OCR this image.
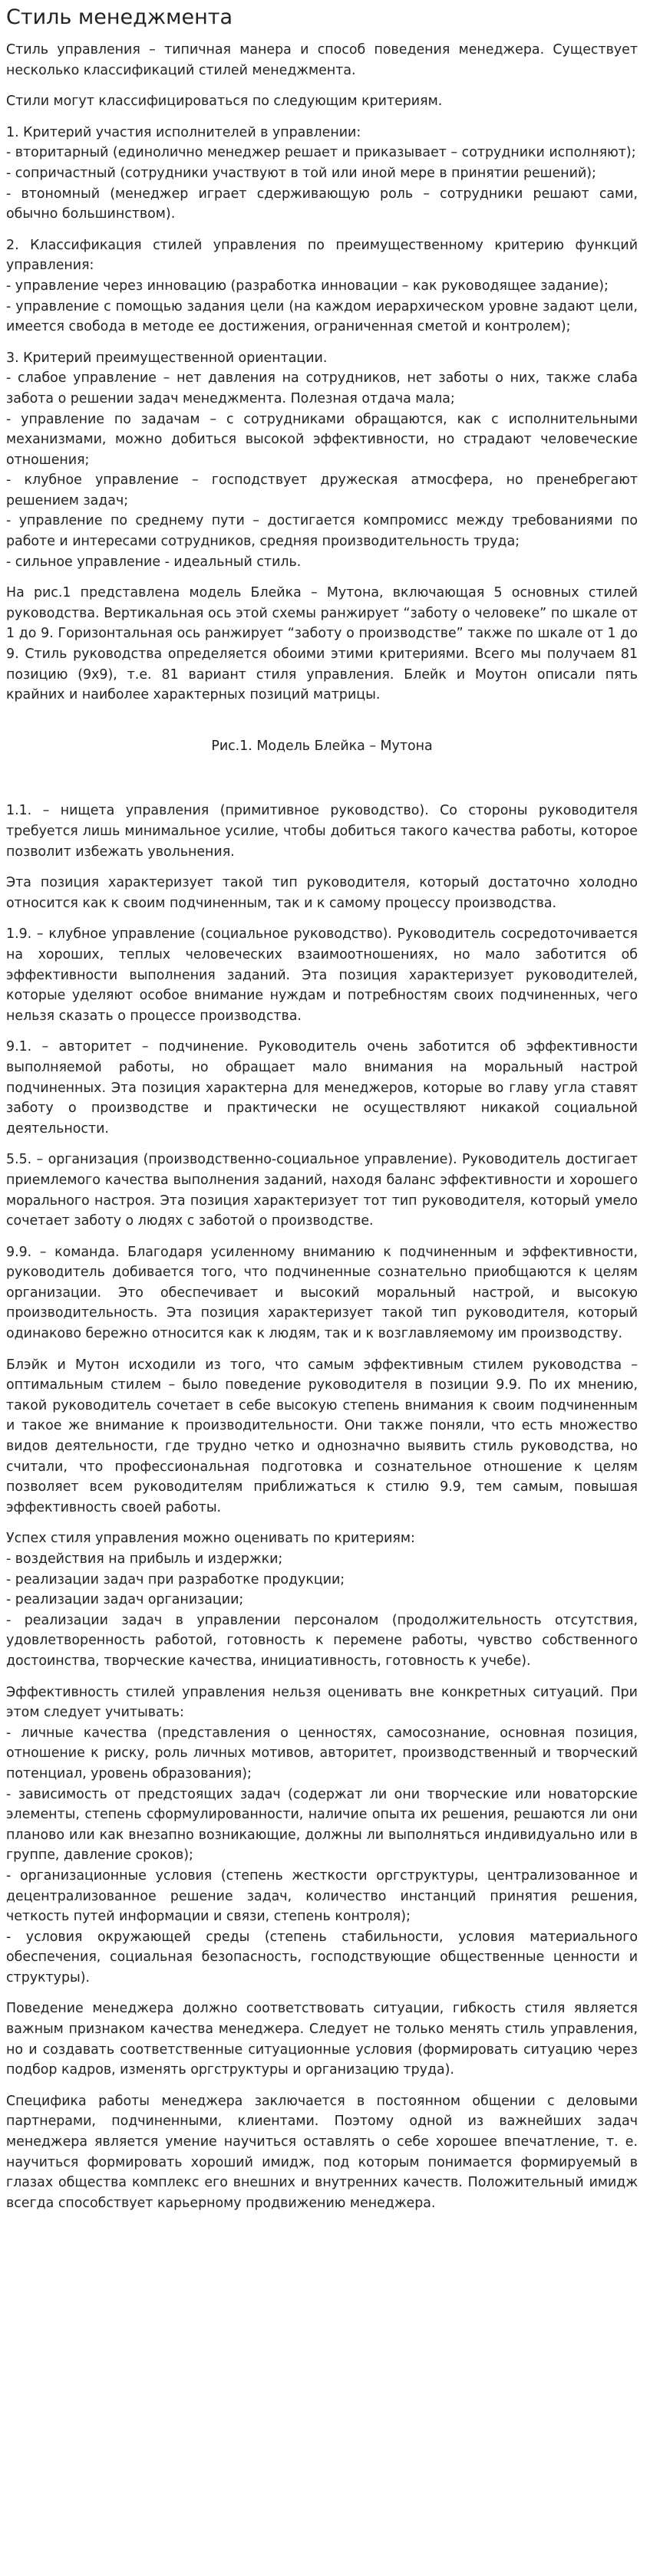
Стиль менеджмента

Стиль управления – типичная манера и способ поведения менеджера. Существует несколько классификаций стилей менеджмента.

Стили могут классифицироваться по следующим критериям.

1. Критерий участия исполнителей в управлении:
- вторитарный (единолично менеджер решает и приказывает – сотрудники исполняют);
- сопричастный (сотрудники участвуют в той или иной мере в принятии решений);
- втономный (менеджер играет сдерживающую роль – сотрудники решают сами, обычно большинством).

2. Классификация стилей управления по преимущественному критерию функций управления:
- управление через инновацию (разработка инновации – как руководящее задание);
- управление с помощью задания цели (на каждом иерархическом уровне задают цели, имеется свобода в методе ее достижения, ограниченная сметой и контролем);

3. Критерий преимущественной ориентации.
- слабое управление – нет давления на сотрудников, нет заботы о них, также слаба забота о решении задач менеджмента. Полезная отдача мала;
- управление по задачам – с сотрудниками обращаются, как с исполнительными механизмами, можно добиться высокой эффективности, но страдают человеческие отношения;
- клубное управление – господствует дружеская атмосфера, но пренебрегают решением задач;
- управление по среднему пути – достигается компромисс между требованиями по работе и интересами сотрудников, средняя производительность труда;
- сильное управление - идеальный стиль.

На рис.1 представлена модель Блейка – Мутона, включающая 5 основных стилей руководства. Вертикальная ось этой схемы ранжирует “заботу о человеке” по шкале от 1 до 9. Горизонтальная ось ранжирует “заботу о производстве” также по шкале от 1 до 9. Стиль руководства определяется обоими этими критериями. Всего мы получаем 81 позицию (9х9), т.е. 81 вариант стиля управления. Блейк и Моутон описали пять крайних и наиболее характерных позиций матрицы.

Рис.1. Модель Блейка – Мутона

1.1. – нищета управления (примитивное руководство). Со стороны руководителя требуется лишь минимальное усилие, чтобы добиться такого качества работы, которое позволит избежать увольнения.

Эта позиция характеризует такой тип руководителя, который достаточно холодно относится как к своим подчиненным, так и к самому процессу производства.

1.9. – клубное управление (социальное руководство). Руководитель сосредоточивается на хороших, теплых человеческих взаимоотношениях, но мало заботится об эффективности выполнения заданий. Эта позиция характеризует руководителей, которые уделяют особое внимание нуждам и потребностям своих подчиненных, чего нельзя сказать о процессе производства.

9.1. – авторитет – подчинение. Руководитель очень заботится об эффективности выполняемой работы, но обращает мало внимания на моральный настрой подчиненных. Эта позиция характерна для менеджеров, которые во главу угла ставят заботу о производстве и практически не осуществляют никакой социальной деятельности.

5.5. – организация (производственно-социальное управление). Руководитель достигает приемлемого качества выполнения заданий, находя баланс эффективности и хорошего морального настроя. Эта позиция характеризует тот тип руководителя, который умело сочетает заботу о людях с заботой о производстве.

9.9. – команда. Благодаря усиленному вниманию к подчиненным и эффективности, руководитель добивается того, что подчиненные сознательно приобщаются к целям организации. Это обеспечивает и высокий моральный настрой, и высокую производительность. Эта позиция характеризует такой тип руководителя, который одинаково бережно относится как к людям, так и к возглавляемому им производству.

Блэйк и Мутон исходили из того, что самым эффективным стилем руководства – оптимальным стилем – было поведение руководителя в позиции 9.9. По их мнению, такой руководитель сочетает в себе высокую степень внимания к своим подчиненным и такое же внимание к производительности. Они также поняли, что есть множество видов деятельности, где трудно четко и однозначно выявить стиль руководства, но считали, что профессиональная подготовка и сознательное отношение к целям позволяет всем руководителям приближаться к стилю 9.9, тем самым, повышая эффективность своей работы.

Успех стиля управления можно оценивать по критериям:
- воздействия на прибыль и издержки;
- реализации задач при разработке продукции;
- реализации задач организации;
- реализации задач в управлении персоналом (продолжительность отсутствия, удовлетворенность работой, готовность к перемене работы, чувство собственного достоинства, творческие качества, инициативность, готовность к учебе).

Эффективность стилей управления нельзя оценивать вне конкретных ситуаций. При этом следует учитывать:
- личные качества (представления о ценностях, самосознание, основная позиция, отношение к риску, роль личных мотивов, авторитет, производственный и творческий потенциал, уровень образования);
- зависимость от предстоящих задач (содержат ли они творческие или новаторские элементы, степень сформулированности, наличие опыта их решения, решаются ли они планово или как внезапно возникающие, должны ли выполняться индивидуально или в группе, давление сроков);
- организационные условия (степень жесткости оргструктуры, централизованное и децентрализованное решение задач, количество инстанций принятия решения, четкость путей информации и связи, степень контроля);
- условия окружающей среды (степень стабильности, условия материального обеспечения, социальная безопасность, господствующие общественные ценности и структуры).

Поведение менеджера должно соответствовать ситуации, гибкость стиля является важным признаком качества менеджера. Следует не только менять стиль управления, но и создавать соответственные ситуационные условия (формировать ситуацию через подбор кадров, изменять оргструктуры и организацию труда).

Специфика работы менеджера заключается в постоянном общении с деловыми партнерами, подчиненными, клиентами. Поэтому одной из важнейших задач менеджера является умение научиться оставлять о себе хорошее впечатление, т. е. научиться формировать хороший имидж, под которым понимается формируемый в глазах общества комплекс его внешних и внутренних качеств. Положительный имидж всегда способствует карьерному продвижению менеджера.
